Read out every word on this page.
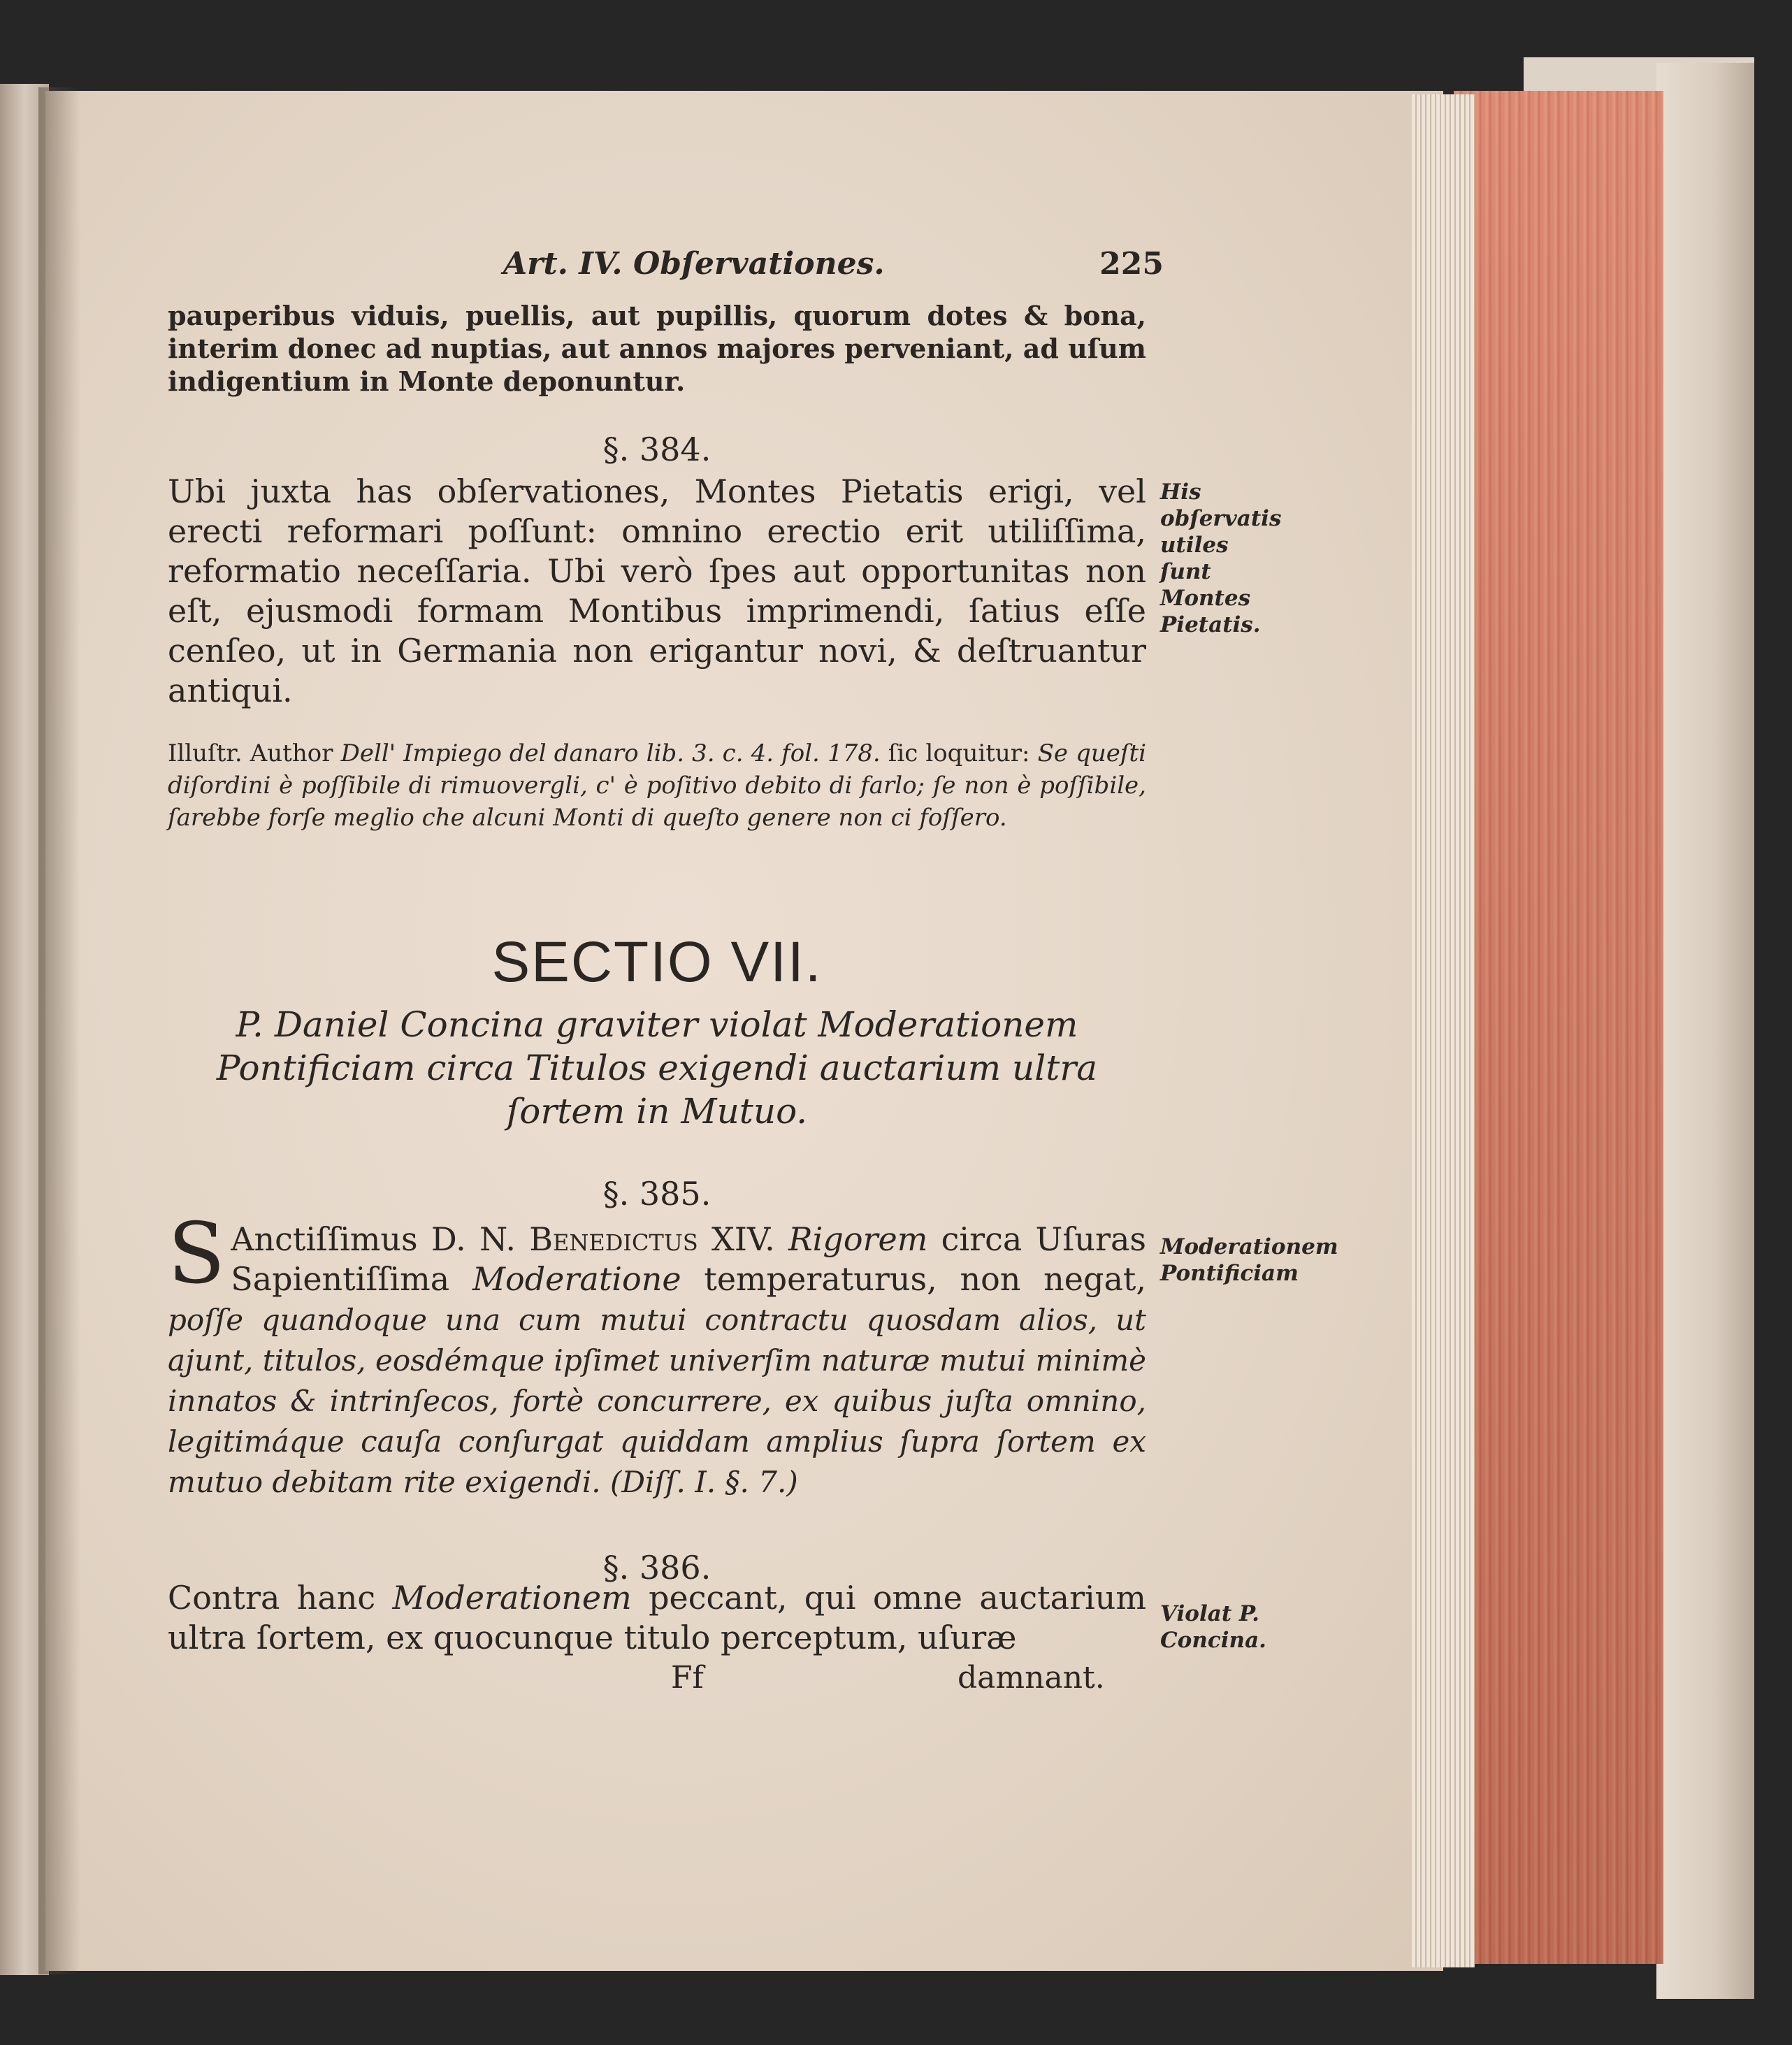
Art. IV. Obſervationes.	225

pauperibus viduis, puellis, aut pupillis, quorum dotes & bona, interim donec ad nuptias, aut annos majores perveniant, ad uſum indigentium in Monte deponuntur.

§. 384.

Ubi juxta has obſervationes, Montes Pietatis erigi, vel erecti reformari poſſunt: omnino erectio erit utiliſſima, reformatio neceſſaria. Ubi verò ſpes aut opportunitas non eſt, ejusmodi formam Montibus imprimendi, ſatius eſſe cenſeo, ut in Germania non erigantur novi, & deſtruantur antiqui.

His obſervatis utiles ſunt Montes Pietatis.

Illuſtr. Author Dell' Impiego del danaro lib. 3. c. 4. fol. 178. ſic loquitur: Se queſti diſordini è poſſibile di rimuovergli, c' è poſitivo debito di farlo; ſe non è poſſibile, ſarebbe forſe meglio che alcuni Monti di queſto genere non ci foſſero.

SECTIO VII.
P. Daniel Concina graviter violat Moderationem Pontificiam circa Titulos exigendi auctarium ultra ſortem in Mutuo.
§. 385.

S Anctiſſimus D. N. Benedictus XIV. Rigorem circa Uſuras Sapientiſſima Moderatione temperaturus, non negat, poſſe quandoque una cum mutui contractu quosdam alios, ut ajunt, titulos, eosdémque ipſimet univerſim naturæ mutui minimè innatos & intrinſecos, fortè concurrere, ex quibus juſta omnino, legitimáque cauſa conſurgat quiddam amplius ſupra ſortem ex mutuo debitam rite exigendi. (Diſſ. I. §. 7.)

Moderationem Pontificiam
§. 386.

Contra hanc Moderationem peccant, qui omne auctarium ultra ſortem, ex quocunque titulo perceptum, uſuræ

Violat P. Concina.
Ff	damnant.
